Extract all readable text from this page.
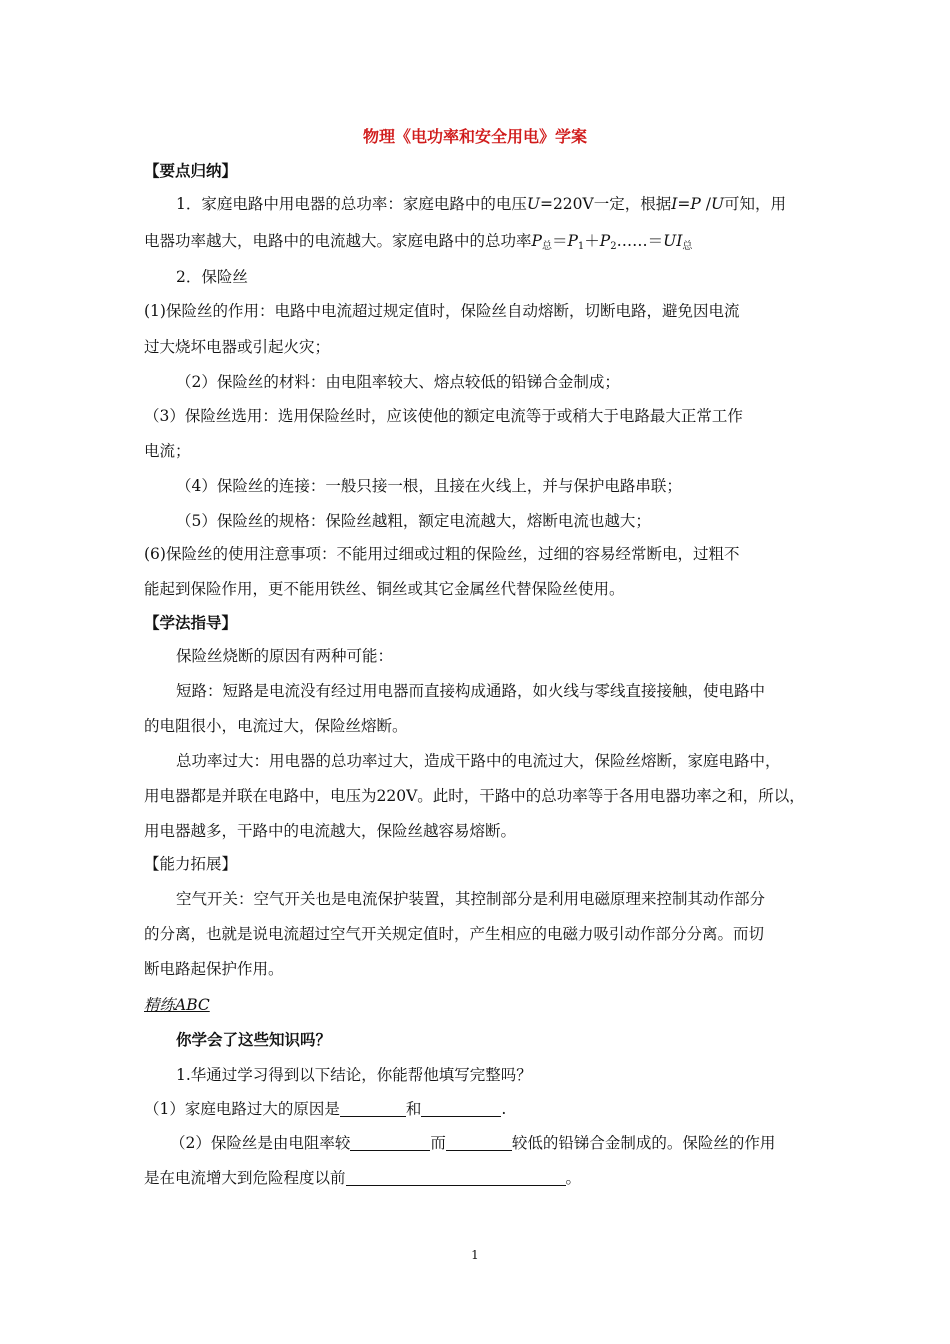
物理《电功率和安全用电》学案
【要点归纳】
1．家庭电路中用电器的总功率：家庭电路中的电压U=220V一定，根据I=P /U可知，用
电器功率越大，电路中的电流越大。家庭电路中的总功率$P_总=P_1+P_2\dots\dots=UI_总$
2．保险丝
(1)保险丝的作用：电路中电流超过规定值时，保险丝自动熔断，切断电路，避免因电流
过大烧坏电器或引起火灾；
（2）保险丝的材料：由电阻率较大、熔点较低的铅锑合金制成；
（3）保险丝选用：选用保险丝时，应该使他的额定电流等于或稍大于电路最大正常工作
电流；
（4）保险丝的连接：一般只接一根，且接在火线上，并与保护电路串联；
（5）保险丝的规格：保险丝越粗，额定电流越大，熔断电流也越大；
(6)保险丝的使用注意事项：不能用过细或过粗的保险丝，过细的容易经常断电，过粗不
能起到保险作用，更不能用铁丝、铜丝或其它金属丝代替保险丝使用。
【学法指导】
保险丝烧断的原因有两种可能：
短路：短路是电流没有经过用电器而直接构成通路，如火线与零线直接接触，使电路中
的电阻很小，电流过大，保险丝熔断。
总功率过大：用电器的总功率过大，造成干路中的电流过大，保险丝熔断，家庭电路中，
用电器都是并联在电路中，电压为220V。此时，干路中的总功率等于各用电器功率之和，所以，
用电器越多，干路中的电流越大，保险丝越容易熔断。
【能力拓展】
空气开关：空气开关也是电流保护装置，其控制部分是利用电磁原理来控制其动作部分
的分离，也就是说电流超过空气开关规定值时，产生相应的电磁力吸引动作部分分离。而切
断电路起保护作用。
精练ABC
你学会了这些知识吗？
1.华通过学习得到以下结论，你能帮他填写完整吗？
（1）家庭电路过大的原因是	和	.
（2）保险丝是由电阻率较	而	较低的铅锑合金制成的。保险丝的作用
是在电流增大到危险程度以前	。
1
